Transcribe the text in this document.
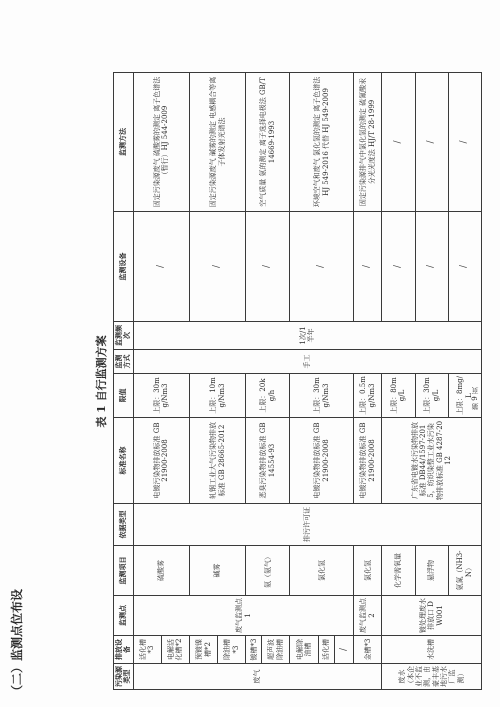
（二）监测点位布设
表 1 自行监测方案
污染源类型	排放设备	监测点	监测项目	依据类型	标准名称	限值	监测方式	监测频次	监测设备	监测方法
废气	活化槽*3	废气监测点 1	硫酸雾	排污许可证	电镀污染物排放标准 GB 21900-2008	上限：30mg/Nm3	手工	1次/1半年	/	固定污染源废气 硫酸雾的测定 离子色谱法（暂行）HJ 544-2009
	电解活化槽*2									
	预镀镍槽*2		碱雾		轧钢工业大气污染物排放标准 GB 28665-2012	上限：10mg/Nm3			/	固定污染源废气 碱雾的测定 电感耦合等离子体发射光谱法
	除油槽*3									
	镀槽*3		氨（氨气）		恶臭污染物排放标准 GB 14554-93	上限：20kg/h			/	空气质量 氨的测定 离子选择电极法 GB/T 14669-1993
	超声波除油槽									
	电解除油槽		氯化氢		电镀污染物排放标准 GB 21900-2008	上限：30mg/Nm3			/	环境空气和废气 氯化氢的测定 离子色谱法 HJ 549-2016 代替 HJ 549-2009
	活化槽									
	/									
	金槽*3	废气监测点 2	氯化氢		电镀污染物排放标准 GB 21900-2008	上限：0.5mg/Nm3			/	固定污染源排气中氯化氢的测定 硫氰酸汞分光光度法 HJ/T 28-1999
废水（本企业不监测，由豪丰基地污水厂监测）	水洗槽	镀处理废水排放口 DW001	化学需氧量		广东省电镀水污染物排放标准 DB44/1597-2015，纺织染整工业水污染物排放标准 GB 4287-2012	上限：80mg/L			/	/
			悬浮物			上限：30mg/L			/	/
			氨氮（NH3-N）			上限：8mg/L			/	/
第 9 页
